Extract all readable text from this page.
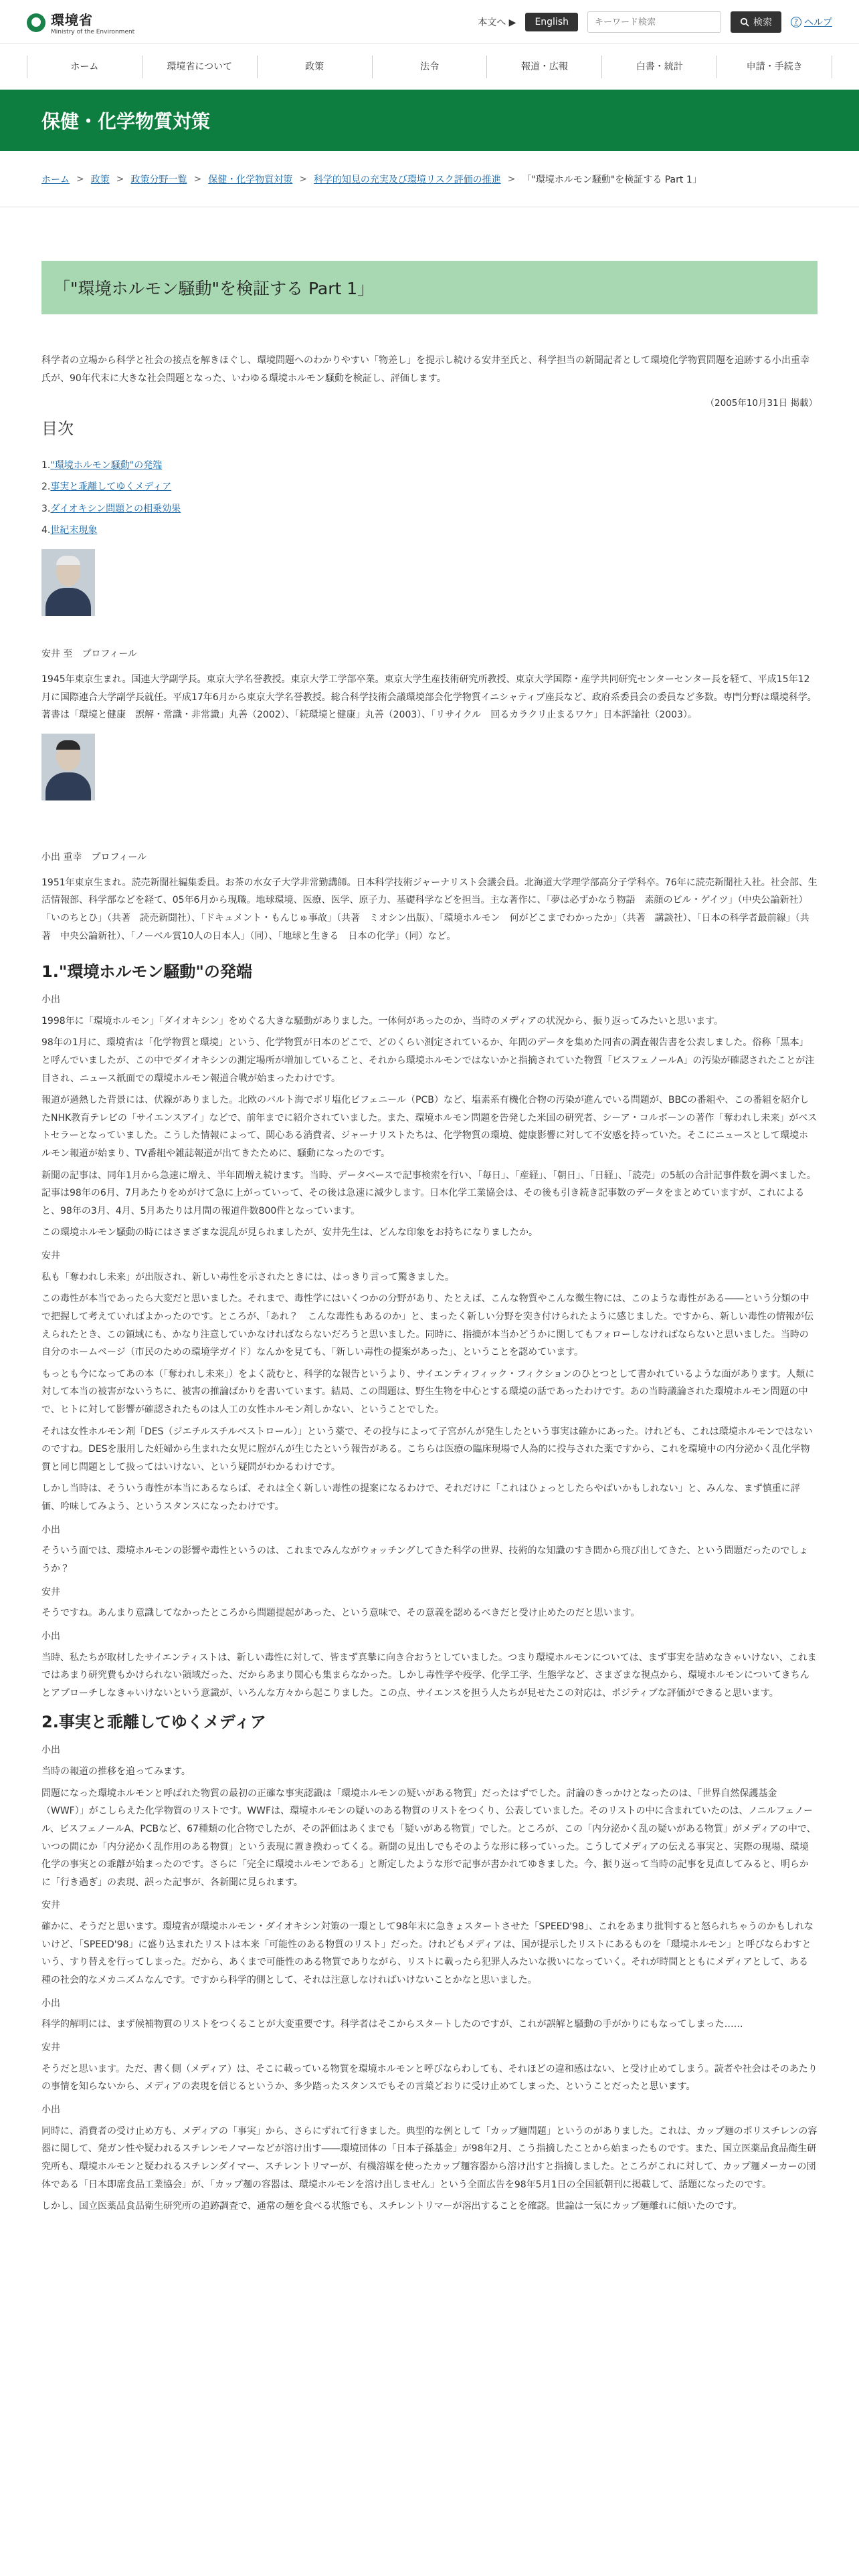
環境省
Ministry of the Environment
本文へ ▶	English
キーワード検索	検索	? ヘルプ
ホーム	環境省について	政策	法令	報道・広報	白書・統計	申請・手続き
保健・化学物質対策
ホーム > 政策 > 政策分野一覧 > 保健・化学物質対策 > 科学的知見の充実及び環境リスク評価の推進 > 「"環境ホルモン騒動"を検証する Part 1」
「"環境ホルモン騒動"を検証する Part 1」

科学者の立場から科学と社会の接点を解きほぐし、環境問題へのわかりやすい「物差し」を提示し続ける安井至氏と、科学担当の新聞記者として環境化学物質問題を追跡する小出重幸氏が、90年代末に大きな社会問題となった、いわゆる環境ホルモン騒動を検証し、評価します。

（2005年10月31日 掲載）

目次
1."環境ホルモン騒動"の発端
2.事実と乖離してゆくメディア
3.ダイオキシン問題との相乗効果
4.世紀末現象

安井 至　プロフィール

1945年東京生まれ。国連大学副学長。東京大学名誉教授。東京大学工学部卒業。東京大学生産技術研究所教授、東京大学国際・産学共同研究センターセンター長を経て、平成15年12月に国際連合大学副学長就任。平成17年6月から東京大学名誉教授。総合科学技術会議環境部会化学物質イニシャティブ座長など、政府系委員会の委員など多数。専門分野は環境科学。著書は「環境と健康　誤解・常識・非常識」丸善（2002）、「続環境と健康」丸善（2003）、「リサイクル　回るカラクリ止まるワケ」日本評論社（2003）。

小出 重幸　プロフィール

1951年東京生まれ。読売新聞社編集委員。お茶の水女子大学非常勤講師。日本科学技術ジャーナリスト会議会員。北海道大学理学部高分子学科卒。76年に読売新聞社入社。社会部、生活情報部、科学部などを経て、05年6月から現職。地球環境、医療、医学、原子力、基礎科学などを担当。主な著作に、「夢は必ずかなう物語　素顔のビル・ゲイツ」（中央公論新社）「いのちとひ」（共著　読売新聞社）、「ドキュメント・もんじゅ事故」（共著　ミオシン出版）、「環境ホルモン　何がどこまでわかったか」（共著　講談社）、「日本の科学者最前線」（共著　中央公論新社）、「ノーベル賞10人の日本人」（同）、「地球と生きる　日本の化学」（同）など。

1."環境ホルモン騒動"の発端

小出

1998年に「環境ホルモン」「ダイオキシン」をめぐる大きな騒動がありました。一体何があったのか、当時のメディアの状況から、振り返ってみたいと思います。

98年の1月に、環境省は「化学物質と環境」という、化学物質が日本のどこで、どのくらい測定されているか、年間のデータを集めた同省の調査報告書を公表しました。俗称「黒本」と呼んでいましたが、この中でダイオキシンの測定場所が増加していること、それから環境ホルモンではないかと指摘されていた物質「ビスフェノールA」の汚染が確認されたことが注目され、ニュース紙面での環境ホルモン報道合戦が始まったわけです。

報道が過熱した背景には、伏線がありました。北欧のバルト海でポリ塩化ビフェニール（PCB）など、塩素系有機化合物の汚染が進んでいる問題が、BBCの番組や、この番組を紹介したNHK教育テレビの「サイエンスアイ」などで、前年までに紹介されていました。また、環境ホルモン問題を告発した米国の研究者、シーア・コルボーンの著作「奪われし未来」がベストセラーとなっていました。こうした情報によって、関心ある消費者、ジャーナリストたちは、化学物質の環境、健康影響に対して不安感を持っていた。そこにニュースとして環境ホルモン報道が始まり、TV番組や雑誌報道が出てきたために、騒動になったのです。

新聞の記事は、同年1月から急速に増え、半年間増え続けます。当時、データベースで記事検索を行い、「毎日」、「産経」、「朝日」、「日経」、「読売」の5紙の合計記事件数を調べました。記事は98年の6月、7月あたりをめがけて急に上がっていって、その後は急速に減少します。日本化学工業協会は、その後も引き続き記事数のデータをまとめていますが、これによると、98年の3月、4月、5月あたりは月間の報道件数800件となっています。

この環境ホルモン騒動の時にはさまざまな混乱が見られましたが、安井先生は、どんな印象をお持ちになりましたか。

安井

私も「奪われし未来」が出版され、新しい毒性を示されたときには、はっきり言って驚きました。

この毒性が本当であったら大変だと思いました。それまで、毒性学にはいくつかの分野があり、たとえば、こんな物質やこんな微生物には、このような毒性がある――という分類の中で把握して考えていればよかったのです。ところが、「あれ？　こんな毒性もあるのか」と、まったく新しい分野を突き付けられたように感じました。ですから、新しい毒性の情報が伝えられたとき、この領域にも、かなり注意していかなければならないだろうと思いました。同時に、指摘が本当かどうかに関してもフォローしなければならないと思いました。当時の自分のホームページ（市民のための環境学ガイド）なんかを見ても、「新しい毒性の提案があった」、ということを認めています。

もっとも今になってあの本（「奪われし未来」）をよく読むと、科学的な報告というより、サイエンティフィック・フィクションのひとつとして書かれているような面があります。人類に対して本当の被害がないうちに、被害の推論ばかりを書いています。結局、この問題は、野生生物を中心とする環境の話であったわけです。あの当時議論された環境ホルモン問題の中で、ヒトに対して影響が確認されたものは人工の女性ホルモン剤しかない、ということでした。

それは女性ホルモン剤「DES（ジエチルスチルベストロール）」という薬で、その投与によって子宮がんが発生したという事実は確かにあった。けれども、これは環境ホルモンではないのですね。DESを服用した妊婦から生まれた女児に腟がんが生じたという報告がある。こちらは医療の臨床現場で人為的に投与された薬ですから、これを環境中の内分泌かく乱化学物質と同じ問題として扱ってはいけない、という疑問がわかるわけです。

しかし当時は、そういう毒性が本当にあるならば、それは全く新しい毒性の提案になるわけで、それだけに「これはひょっとしたらやばいかもしれない」と、みんな、まず慎重に評価、吟味してみよう、というスタンスになったわけです。

小出

そういう面では、環境ホルモンの影響や毒性というのは、これまでみんながウォッチングしてきた科学の世界、技術的な知識のすき間から飛び出してきた、という問題だったのでしょうか？

安井

そうですね。あんまり意識してなかったところから問題提起があった、という意味で、その意義を認めるべきだと受け止めたのだと思います。

小出

当時、私たちが取材したサイエンティストは、新しい毒性に対して、皆まず真摯に向き合おうとしていました。つまり環境ホルモンについては、まず事実を詰めなきゃいけない、これまではあまり研究費もかけられない領域だった、だからあまり関心も集まらなかった。しかし毒性学や疫学、化学工学、生態学など、さまざまな視点から、環境ホルモンについてきちんとアプローチしなきゃいけないという意識が、いろんな方々から起こりました。この点、サイエンスを担う人たちが見せたこの対応は、ポジティブな評価ができると思います。

2.事実と乖離してゆくメディア

小出

当時の報道の推移を追ってみます。

問題になった環境ホルモンと呼ばれた物質の最初の正確な事実認識は「環境ホルモンの疑いがある物質」だったはずでした。討論のきっかけとなったのは、「世界自然保護基金（WWF）」がこしらえた化学物質のリストです。WWFは、環境ホルモンの疑いのある物質のリストをつくり、公表していました。そのリストの中に含まれていたのは、ノニルフェノール、ビスフェノールA、PCBなど、67種類の化合物でしたが、その評価はあくまでも「疑いがある物質」でした。ところが、この「内分泌かく乱の疑いがある物質」がメディアの中で、いつの間にか「内分泌かく乱作用のある物質」という表現に置き換わってくる。新聞の見出しでもそのような形に移っていった。こうしてメディアの伝える事実と、実際の現場、環境化学の事実との乖離が始まったのです。さらに「完全に環境ホルモンである」と断定したような形で記事が書かれてゆきました。今、振り返って当時の記事を見直してみると、明らかに「行き過ぎ」の表現、誤った記事が、各新聞に見られます。

安井

確かに、そうだと思います。環境省が環境ホルモン・ダイオキシン対策の一環として98年末に急きょスタートさせた「SPEED'98」、これをあまり批判すると怒られちゃうのかもしれないけど、「SPEED'98」に盛り込まれたリストは本来「可能性のある物質のリスト」だった。けれどもメディアは、国が提示したリストにあるものを「環境ホルモン」と呼びならわすという、すり替えを行ってしまった。だから、あくまで可能性のある物質でありながら、リストに載ったら犯罪人みたいな扱いになっていく。それが時間とともにメディアとして、ある種の社会的なメカニズムなんです。ですから科学的側として、それは注意しなければいけないことかなと思いました。

小出

科学的解明には、まず候補物質のリストをつくることが大変重要です。科学者はそこからスタートしたのですが、これが誤解と騒動の手がかりにもなってしまった……

安井

そうだと思います。ただ、書く側（メディア）は、そこに載っている物質を環境ホルモンと呼びならわしても、それほどの違和感はない、と受け止めてしまう。読者や社会はそのあたりの事情を知らないから、メディアの表現を信じるというか、多少踏ったスタンスでもその言葉どおりに受け止めてしまった、ということだったと思います。

小出

同時に、消費者の受け止め方も、メディアの「事実」から、さらにずれて行きました。典型的な例として「カップ麺問題」というのがありました。これは、カップ麺のポリスチレンの容器に関して、発ガン性や疑われるスチレンモノマーなどが溶け出す――環境団体の「日本子孫基金」が98年2月、こう指摘したことから始まったものです。また、国立医薬品食品衛生研究所も、環境ホルモンと疑われるスチレンダイマー、スチレントリマーが、有機溶媒を使ったカップ麺容器から溶け出すと指摘しました。ところがこれに対して、カップ麺メーカーの団体である「日本即席食品工業協会」が、「カップ麺の容器は、環境ホルモンを溶け出しません」という全面広告を98年5月1日の全国紙朝刊に掲載して、話題になったのです。

しかし、国立医薬品食品衛生研究所の追跡調査で、通常の麺を食べる状態でも、スチレントリマーが溶出することを確認。世論は一気にカップ麺離れに傾いたのです。
